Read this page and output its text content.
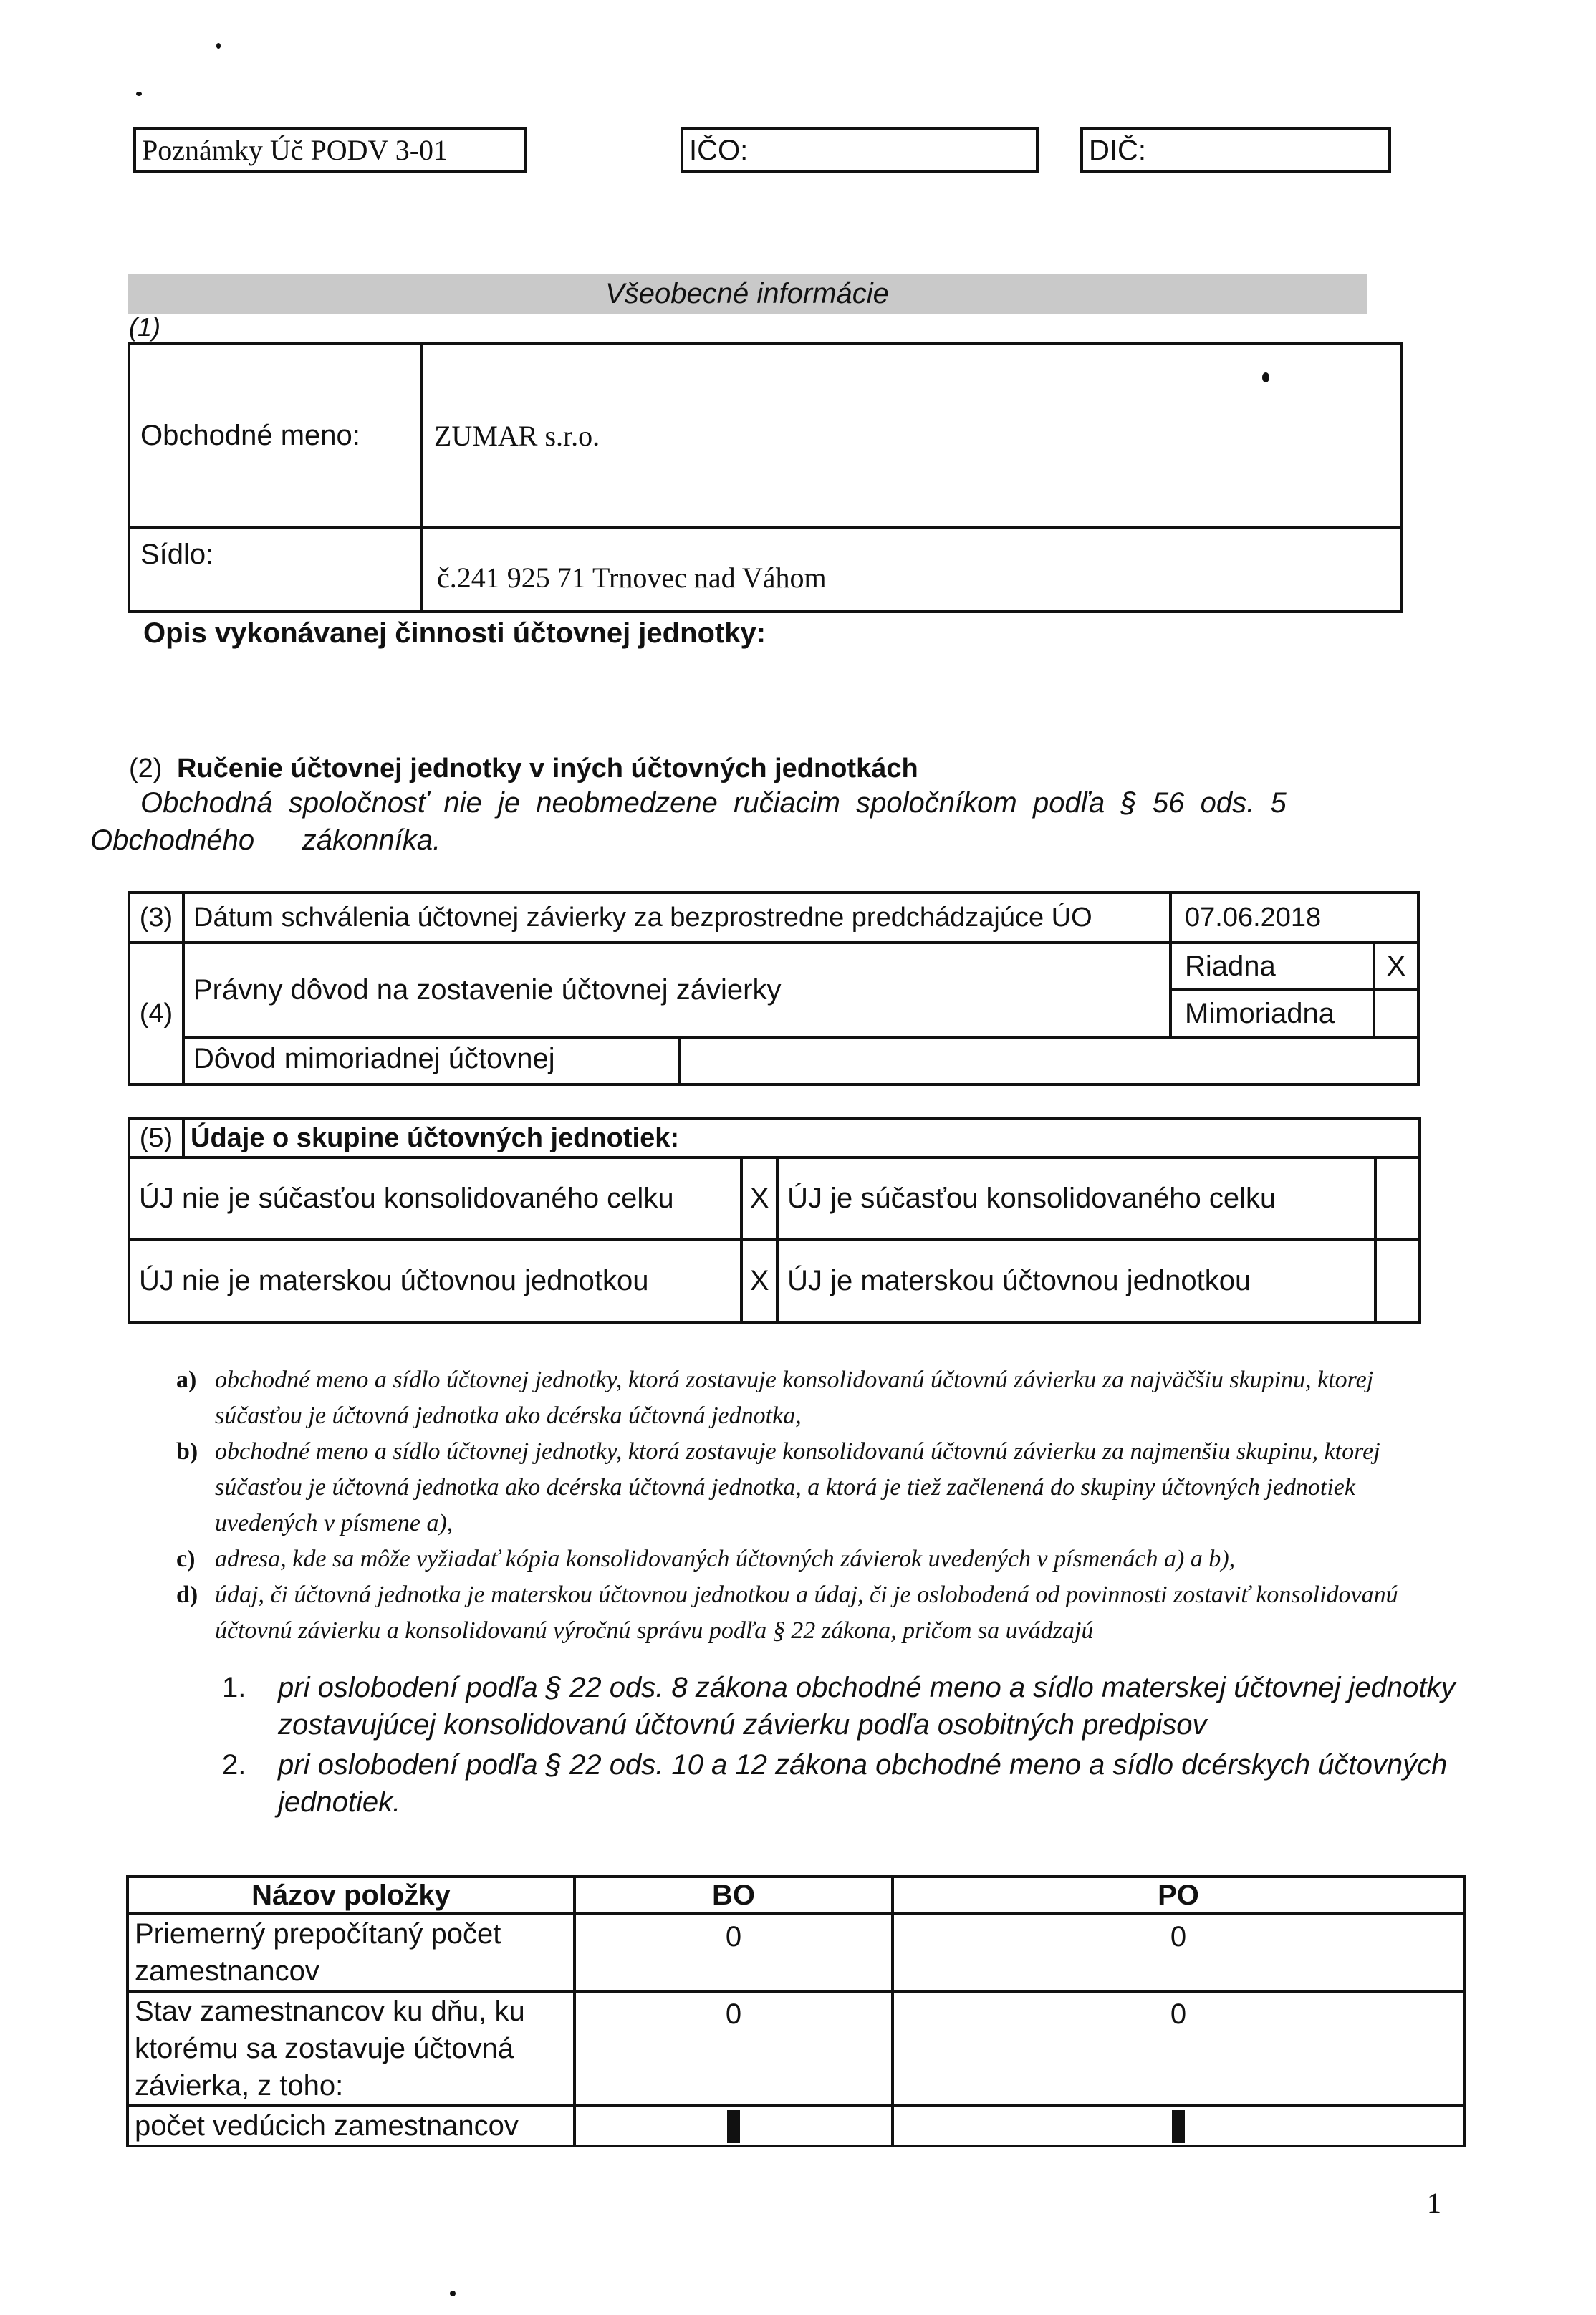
Poznámky Úč PODV 3-01	IČO:	DIČ:
Všeobecné informácie
(1)
Obchodné meno:	ZUMAR s.r.o.
Sídlo:	č.241 925 71 Trnovec nad Váhom
Opis vykonávanej činnosti účtovnej jednotky:
(2) Ručenie účtovnej jednotky v iných účtovných jednotkách
Obchodná  spoločnosť  nie  je  neobmedzene  ručiacim  spoločníkom  podľa  §  56  ods.  5
Obchodného      zákonníka.
(3)	Dátum schválenia účtovnej závierky za bezprostredne predchádzajúce ÚO		07.06.2018	
(4)	Právny dôvod na zostavenie účtovnej závierky		Riadna	X
			Mimoriadna	
	Dôvod mimoriadnej účtovnej			
(5)	Údaje o skupine účtovných jednotiek:			
ÚJ nie je súčasťou konsolidovaného celku		X	ÚJ je súčasťou konsolidovaného celku	
ÚJ nie je materskou účtovnou jednotkou		X	ÚJ je materskou účtovnou jednotkou	
a) obchodné meno a sídlo účtovnej jednotky, ktorá zostavuje konsolidovanú účtovnú závierku za najväčšiu skupinu, ktorej súčasťou je účtovná jednotka ako dcérska účtovná jednotka,
b) obchodné meno a sídlo účtovnej jednotky, ktorá zostavuje konsolidovanú účtovnú závierku za najmenšiu skupinu, ktorej súčasťou je účtovná jednotka ako dcérska účtovná jednotka, a ktorá je tiež začlenená do skupiny účtovných jednotiek uvedených v písmene a),
c) adresa, kde sa môže vyžiadať kópia konsolidovaných účtovných závierok uvedených v písmenách a) a b),
d) údaj, či účtovná jednotka je materskou účtovnou jednotkou a údaj, či je oslobodená od povinnosti zostaviť konsolidovanú účtovnú závierku a konsolidovanú výročnú správu podľa § 22 zákona, pričom sa uvádzajú
1.	pri oslobodení podľa § 22 ods. 8 zákona obchodné meno a sídlo materskej účtovnej jednotky zostavujúcej konsolidovanú účtovnú závierku podľa osobitných predpisov
2.	pri oslobodení podľa § 22 ods. 10 a 12 zákona obchodné meno a sídlo dcérskych účtovných jednotiek.
Názov položky	BO	PO
Priemerný prepočítaný počet zamestnancov	0	0
Stav zamestnancov ku dňu, ku ktorému sa zostavuje účtovná závierka, z toho:	0	0
počet vedúcich zamestnancov		
1
